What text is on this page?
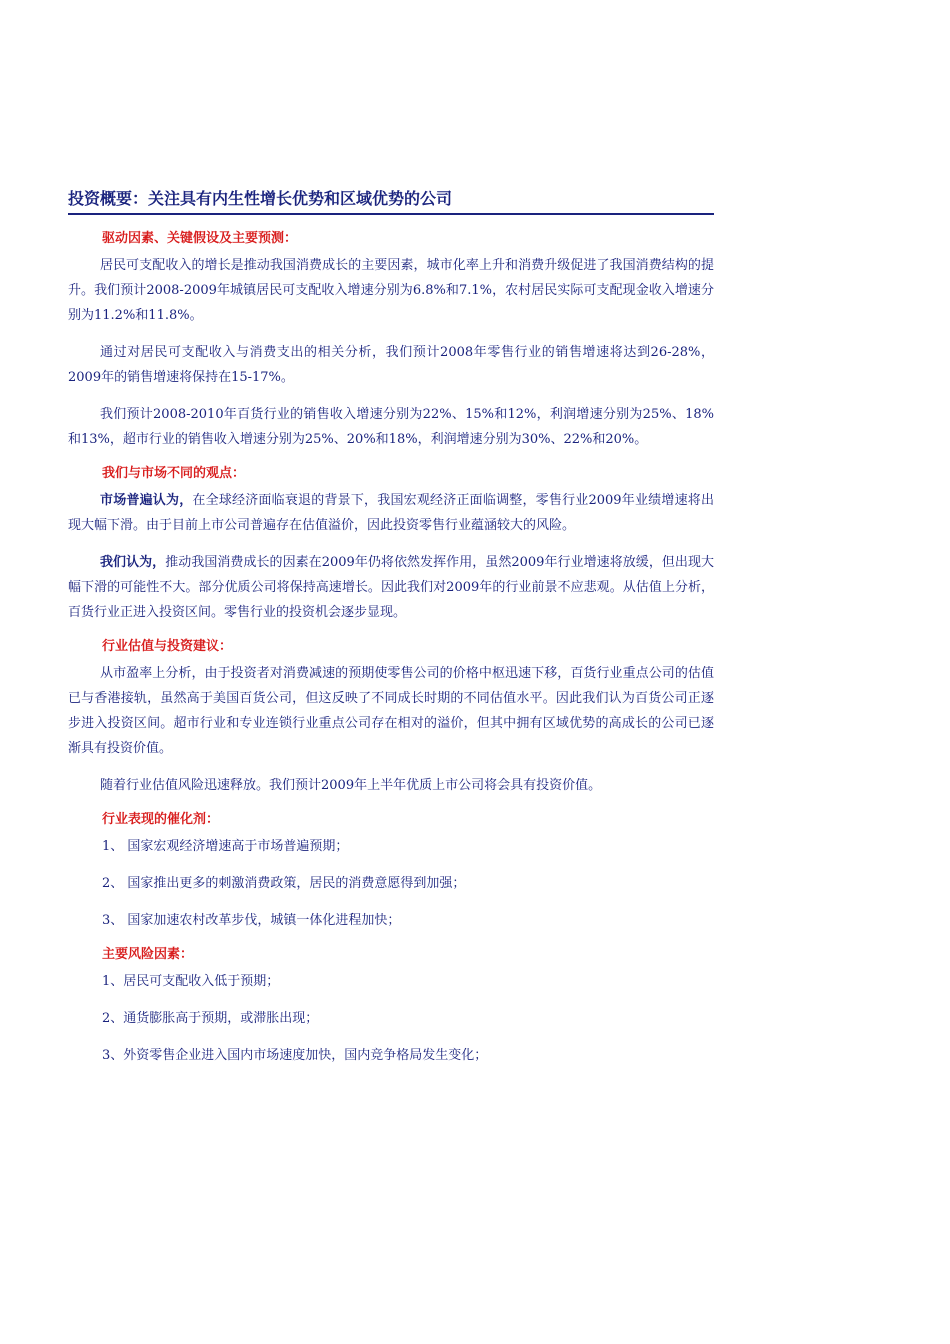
投资概要：关注具有内生性增长优势和区域优势的公司
驱动因素、关键假设及主要预测：

居民可支配收入的增长是推动我国消费成长的主要因素，城市化率上升和消费升级促进了我国消费结构的提升。我们预计2008-2009年城镇居民可支配收入增速分别为6.8%和7.1%，农村居民实际可支配现金收入增速分别为11.2%和11.8%。

通过对居民可支配收入与消费支出的相关分析，我们预计2008年零售行业的销售增速将达到26-28%，2009年的销售增速将保持在15-17%。

我们预计2008-2010年百货行业的销售收入增速分别为22%、15%和12%，利润增速分别为25%、18%和13%，超市行业的销售收入增速分别为25%、20%和18%，利润增速分别为30%、22%和20%。

我们与市场不同的观点：

市场普遍认为，在全球经济面临衰退的背景下，我国宏观经济正面临调整，零售行业2009年业绩增速将出现大幅下滑。由于目前上市公司普遍存在估值溢价，因此投资零售行业蕴涵较大的风险。

我们认为，推动我国消费成长的因素在2009年仍将依然发挥作用，虽然2009年行业增速将放缓，但出现大幅下滑的可能性不大。部分优质公司将保持高速增长。因此我们对2009年的行业前景不应悲观。从估值上分析，百货行业正进入投资区间。零售行业的投资机会逐步显现。

行业估值与投资建议：

从市盈率上分析，由于投资者对消费减速的预期使零售公司的价格中枢迅速下移，百货行业重点公司的估值已与香港接轨，虽然高于美国百货公司，但这反映了不同成长时期的不同估值水平。因此我们认为百货公司正逐步进入投资区间。超市行业和专业连锁行业重点公司存在相对的溢价，但其中拥有区域优势的高成长的公司已逐渐具有投资价值。

随着行业估值风险迅速释放。我们预计2009年上半年优质上市公司将会具有投资价值。

行业表现的催化剂：
1、 国家宏观经济增速高于市场普遍预期；
2、 国家推出更多的刺激消费政策，居民的消费意愿得到加强；
3、 国家加速农村改革步伐，城镇一体化进程加快；
主要风险因素：
1、居民可支配收入低于预期；
2、通货膨胀高于预期，或滞胀出现；
3、外资零售企业进入国内市场速度加快，国内竞争格局发生变化；
